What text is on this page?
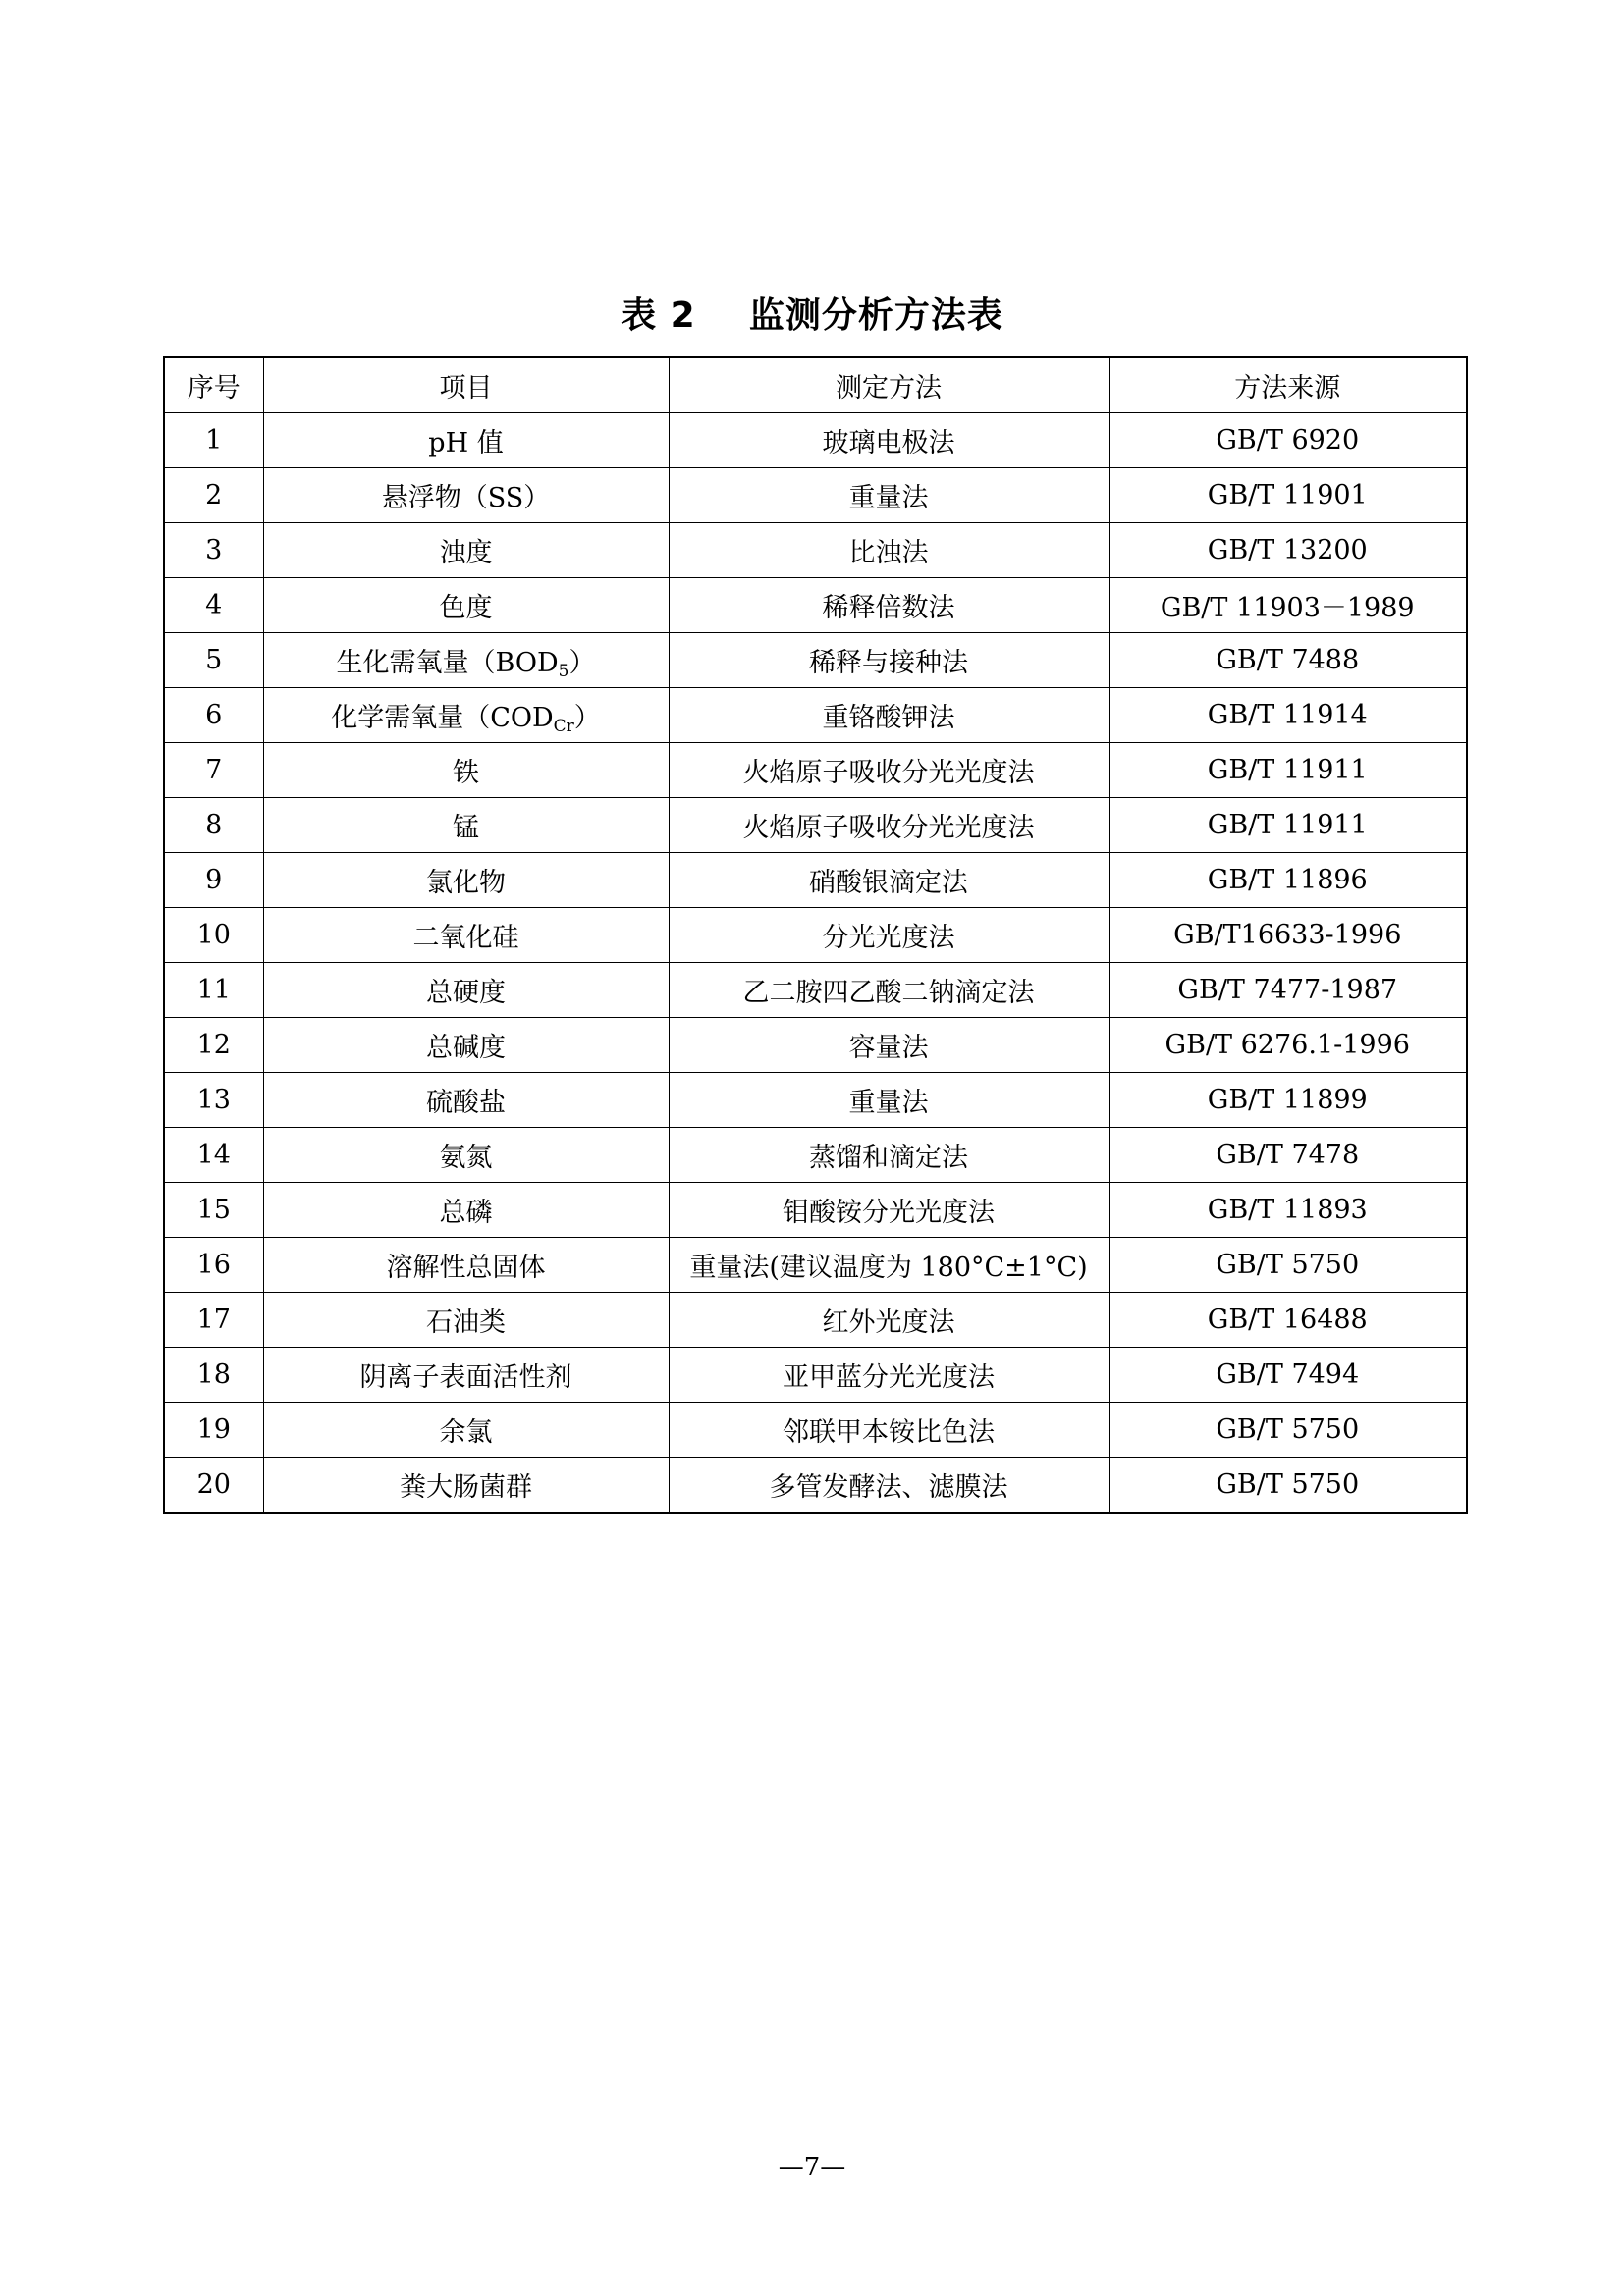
表 2    监测分析方法表
序号	项目	测定方法	方法来源
1	pH 值	玻璃电极法	GB/T 6920
2	悬浮物（SS）	重量法	GB/T 11901
3	浊度	比浊法	GB/T 13200
4	色度	稀释倍数法	GB/T 11903－1989
5	生化需氧量$(BOD_5)$	稀释与接种法	GB/T 7488
6	化学需氧量$(COD_{Cr})$	重铬酸钾法	GB/T 11914
7	铁	火焰原子吸收分光光度法	GB/T 11911
8	锰	火焰原子吸收分光光度法	GB/T 11911
9	氯化物	硝酸银滴定法	GB/T 11896
10	二氧化硅	分光光度法	GB/T16633-1996
11	总硬度	乙二胺四乙酸二钠滴定法	GB/T 7477-1987
12	总碱度	容量法	GB/T 6276.1-1996
13	硫酸盐	重量法	GB/T 11899
14	氨氮	蒸馏和滴定法	GB/T 7478
15	总磷	钼酸铵分光光度法	GB/T 11893
16	溶解性总固体	重量法(建议温度为 180°C±1°C)	GB/T 5750
17	石油类	红外光度法	GB/T 16488
18	阴离子表面活性剂	亚甲蓝分光光度法	GB/T 7494
19	余氯	邻联甲本铵比色法	GB/T 5750
20	粪大肠菌群	多管发酵法、滤膜法	GB/T 5750
—7—
